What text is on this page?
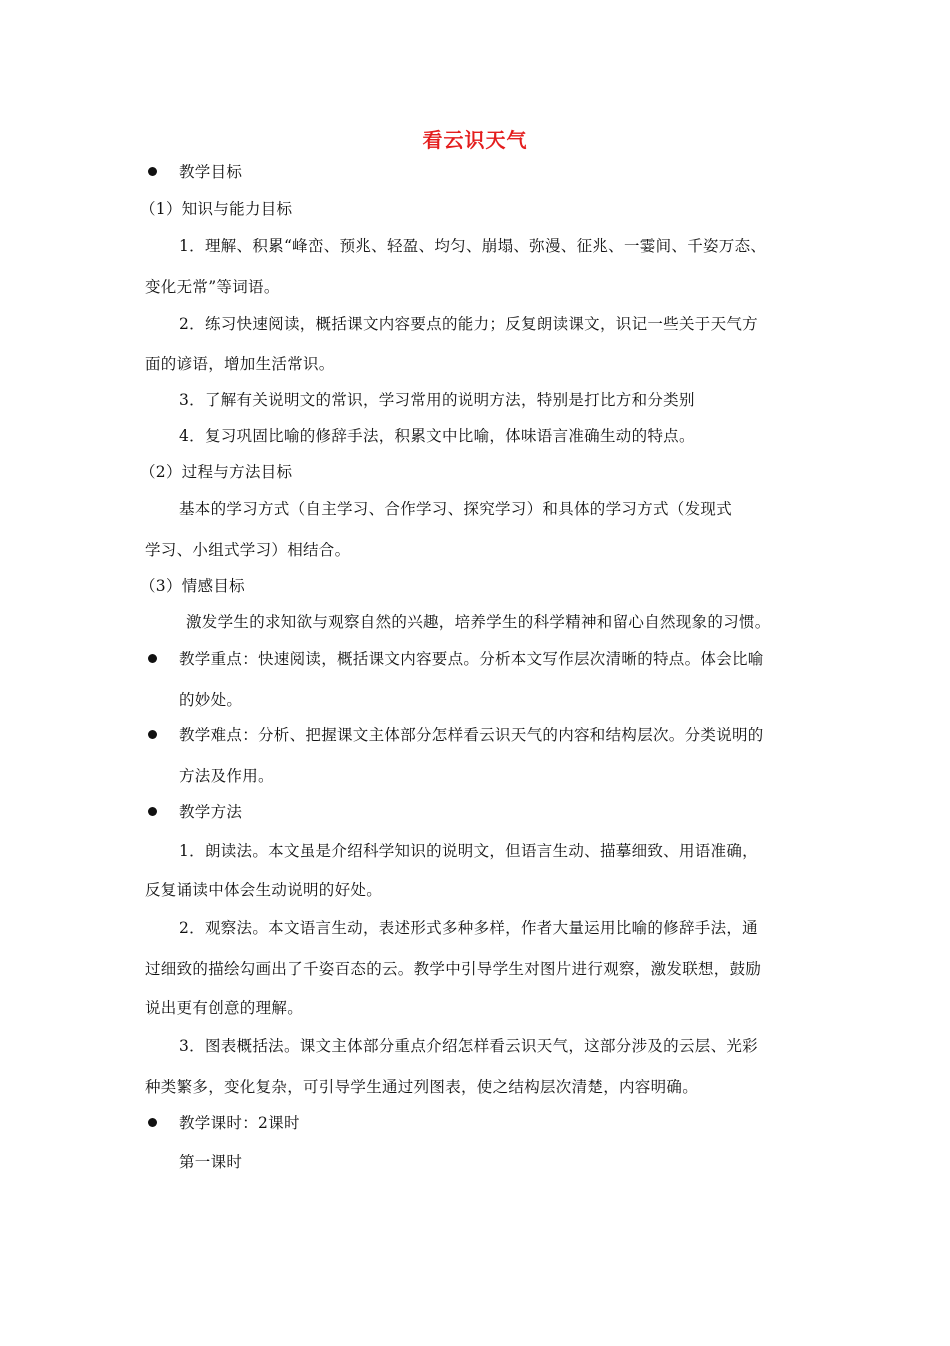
看云识天气
教学目标
（1）知识与能力目标
1．理解、积累“峰峦、预兆、轻盈、均匀、崩塌、弥漫、征兆、一霎间、千姿万态、
变化无常”等词语。
2．练习快速阅读，概括课文内容要点的能力；反复朗读课文，识记一些关于天气方
面的谚语，增加生活常识。
3．了解有关说明文的常识，学习常用的说明方法，特别是打比方和分类别
4．复习巩固比喻的修辞手法，积累文中比喻，体味语言准确生动的特点。
（2）过程与方法目标
基本的学习方式（自主学习、合作学习、探究学习）和具体的学习方式（发现式
学习、小组式学习）相结合。
（3）情感目标
激发学生的求知欲与观察自然的兴趣，培养学生的科学精神和留心自然现象的习惯。
教学重点：快速阅读，概括课文内容要点。分析本文写作层次清晰的特点。体会比喻
的妙处。
教学难点：分析、把握课文主体部分怎样看云识天气的内容和结构层次。分类说明的
方法及作用。
教学方法
1．朗读法。本文虽是介绍科学知识的说明文，但语言生动、描摹细致、用语准确，
反复诵读中体会生动说明的好处。
2．观察法。本文语言生动，表述形式多种多样，作者大量运用比喻的修辞手法，通
过细致的描绘勾画出了千姿百态的云。教学中引导学生对图片进行观察，激发联想，鼓励
说出更有创意的理解。
3．图表概括法。课文主体部分重点介绍怎样看云识天气，这部分涉及的云层、光彩
种类繁多，变化复杂，可引导学生通过列图表，使之结构层次清楚，内容明确。
教学课时：2课时
第一课时
